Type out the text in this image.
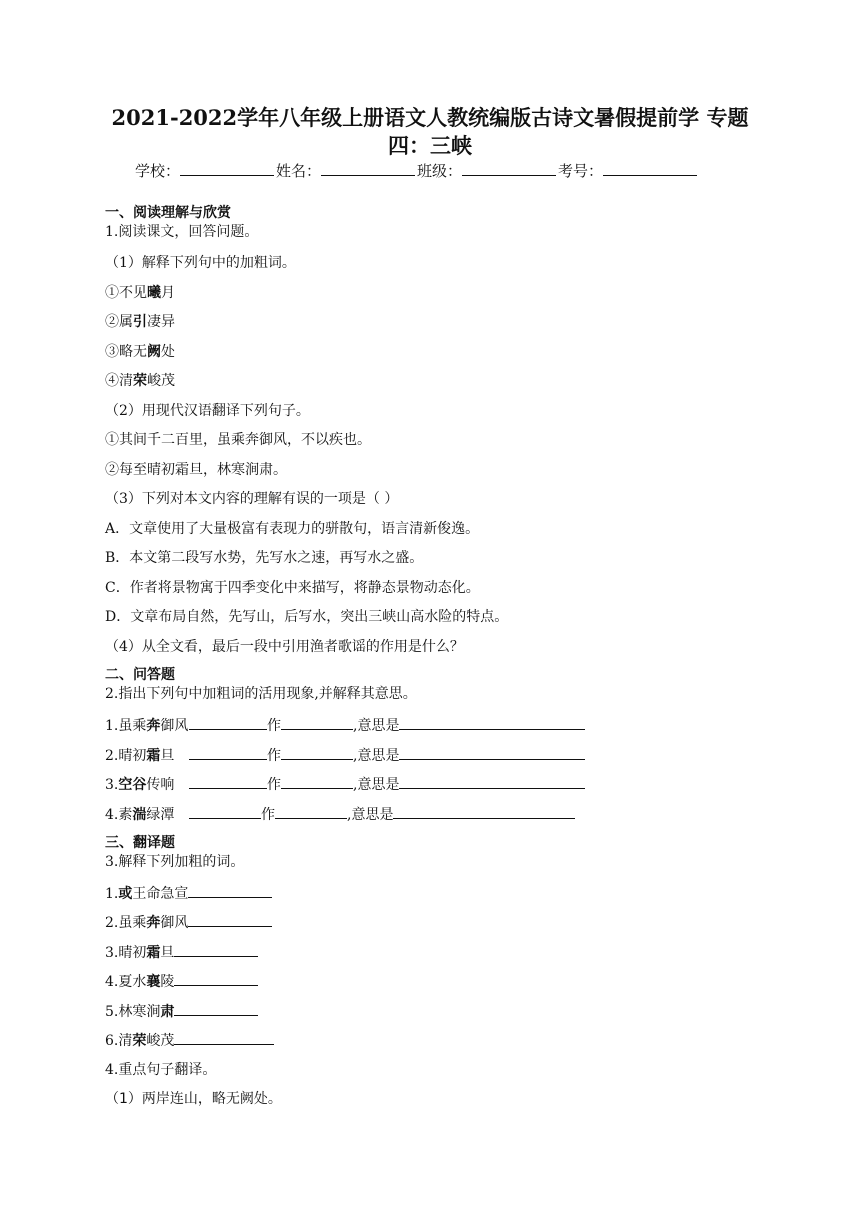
2021-2022学年八年级上册语文人教统编版古诗文暑假提前学 专题
四：三峡
学校：	姓名：	班级：	考号：
一、阅读理解与欣赏
1.阅读课文，回答问题。
（1）解释下列句中的加粗词。
①不见曦月
②属引凄异
③略无阙处
④清荣峻茂
（2）用现代汉语翻译下列句子。
①其间千二百里，虽乘奔御风，不以疾也。
②每至晴初霜旦，林寒涧肃。
（3）下列对本文内容的理解有误的一项是（ ）
A．文章使用了大量极富有表现力的骈散句，语言清新俊逸。
B．本文第二段写水势，先写水之速，再写水之盛。
C．作者将景物寓于四季变化中来描写，将静态景物动态化。
D．文章布局自然，先写山，后写水，突出三峡山高水险的特点。
（4）从全文看，最后一段中引用渔者歌谣的作用是什么？
二、问答题
2.指出下列句中加粗词的活用现象,并解释其意思。
1.虽乘奔御风	作	,意思是
2.晴初霜旦	作	,意思是
3.空谷传响	作	,意思是
4.素湍绿潭	作	,意思是
三、翻译题
3.解释下列加粗的词。
1.或王命急宣
2.虽乘奔御风
3.晴初霜旦
4.夏水襄陵
5.林寒涧肃
6.清荣峻茂
4.重点句子翻译。
（1）两岸连山，略无阙处。
